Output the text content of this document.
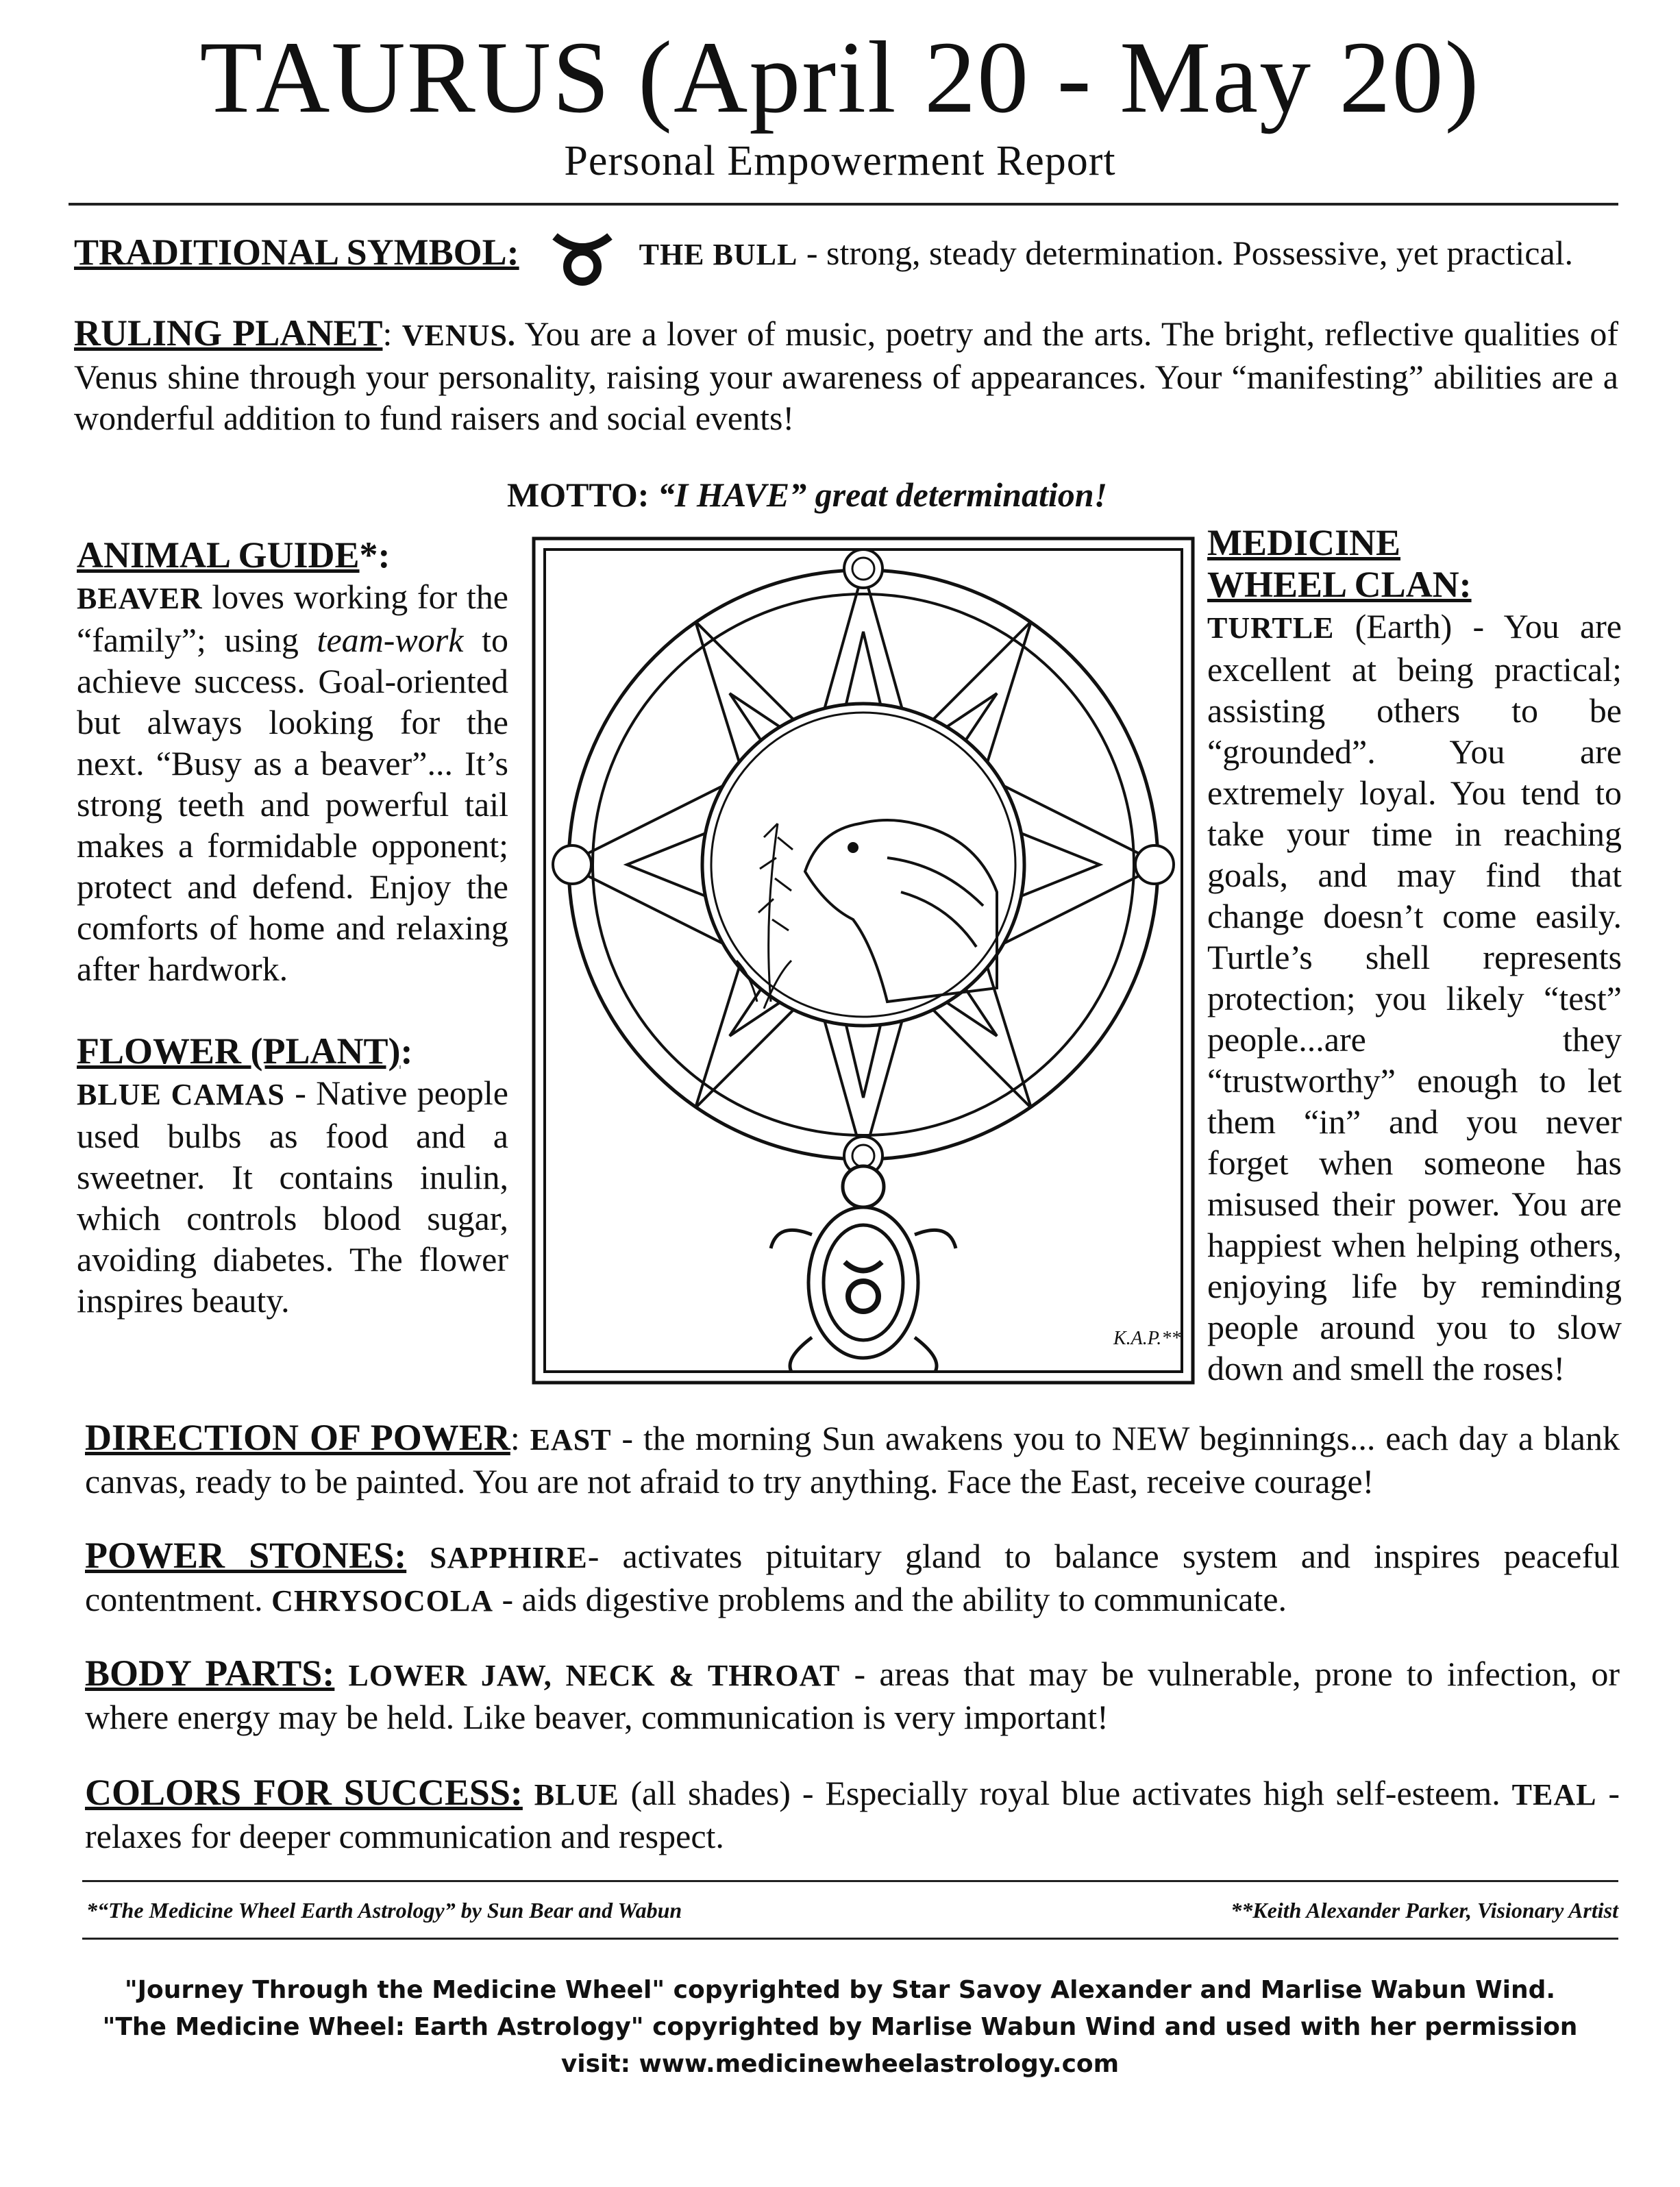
TAURUS (April 20 - May 20)
Personal Empowerment Report
TRADITIONAL SYMBOL:	THE BULL - strong, steady determination. Possessive, yet practical.
RULING PLANET: VENUS. You are a lover of music, poetry and the arts. The bright, reflective qualities of Venus shine through your personality, raising your awareness of appearances. Your “manifesting” abilities are a wonderful addition to fund raisers and social events!
MOTTO: “I HAVE” great determination!

ANIMAL GUIDE*:
BEAVER loves working for the “family”; using team-work to achieve success. Goal-oriented but always looking for the next. “Busy as a beaver”... It’s strong teeth and powerful tail makes a formidable opponent; protect and defend. Enjoy the comforts of home and relaxing after hardwork.

FLOWER (PLANT):
BLUE CAMAS - Native people used bulbs as food and a sweetner. It contains inulin, which controls blood sugar, avoiding diabetes. The flower inspires beauty.

K.A.P.**

MEDICINE
WHEEL CLAN:
TURTLE (Earth) - You are excellent at being practical; assisting others to be “grounded”. You are extremely loyal. You tend to take your time in reaching goals, and may find that change doesn’t come easily. Turtle’s shell represents protection; you likely “test” people...are they “trustworthy” enough to let them “in” and you never forget when someone has misused their power. You are happiest when helping others, enjoying life by reminding people around you to slow down and smell the roses!

DIRECTION OF POWER: EAST - the morning Sun awakens you to NEW beginnings... each day a blank canvas, ready to be painted. You are not afraid to try anything. Face the East, receive courage!
POWER STONES: SAPPHIRE- activates pituitary gland to balance system and inspires peaceful contentment. CHRYSOCOLA - aids digestive problems and the ability to communicate.
BODY PARTS: LOWER JAW, NECK & THROAT - areas that may be vulnerable, prone to infection, or where energy may be held. Like beaver, communication is very important!
COLORS FOR SUCCESS: BLUE (all shades) - Especially royal blue activates high self-esteem. TEAL - relaxes for deeper communication and respect.
*“The Medicine Wheel Earth Astrology” by Sun Bear and Wabun	**Keith Alexander Parker, Visionary Artist
"Journey Through the Medicine Wheel" copyrighted by Star Savoy Alexander and Marlise Wabun Wind.
"The Medicine Wheel: Earth Astrology" copyrighted by Marlise Wabun Wind and used with her permission
visit: www.medicinewheelastrology.com
